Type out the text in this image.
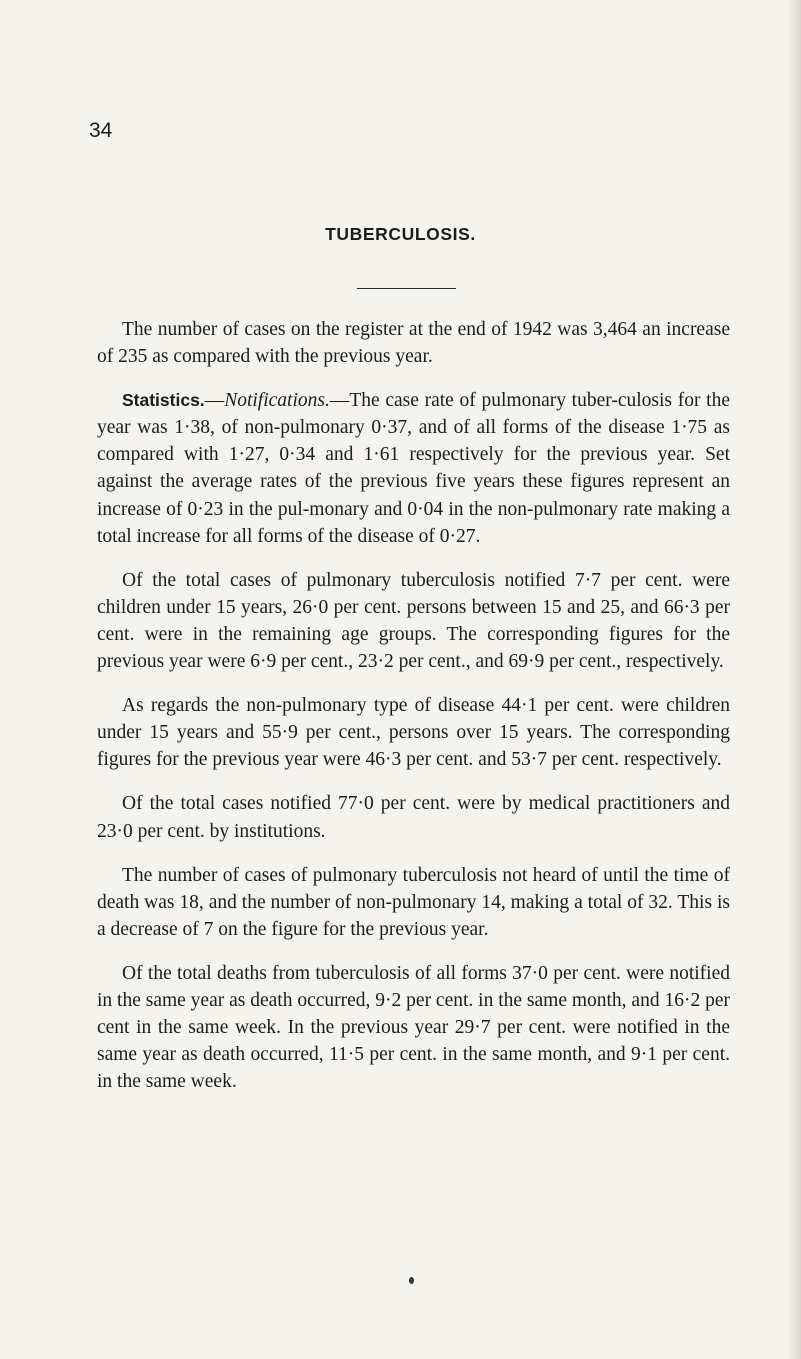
34
TUBERCULOSIS.

The number of cases on the register at the end of 1942 was 3,464 an increase of 235 as compared with the previous year.

Statistics.—Notifications.—The case rate of pulmonary tuber-culosis for the year was 1·38, of non-pulmonary 0·37, and of all forms of the disease 1·75 as compared with 1·27, 0·34 and 1·61 respectively for the previous year. Set against the average rates of the previous five years these figures represent an increase of 0·23 in the pul-monary and 0·04 in the non-pulmonary rate making a total increase for all forms of the disease of 0·27.

Of the total cases of pulmonary tuberculosis notified 7·7 per cent. were children under 15 years, 26·0 per cent. persons between 15 and 25, and 66·3 per cent. were in the remaining age groups. The corresponding figures for the previous year were 6·9 per cent., 23·2 per cent., and 69·9 per cent., respectively.

As regards the non-pulmonary type of disease 44·1 per cent. were children under 15 years and 55·9 per cent., persons over 15 years. The corresponding figures for the previous year were 46·3 per cent. and 53·7 per cent. respectively.

Of the total cases notified 77·0 per cent. were by medical practitioners and 23·0 per cent. by institutions.

The number of cases of pulmonary tuberculosis not heard of until the time of death was 18, and the number of non-pulmonary 14, making a total of 32. This is a decrease of 7 on the figure for the previous year.

Of the total deaths from tuberculosis of all forms 37·0 per cent. were notified in the same year as death occurred, 9·2 per cent. in the same month, and 16·2 per cent in the same week. In the previous year 29·7 per cent. were notified in the same year as death occurred, 11·5 per cent. in the same month, and 9·1 per cent. in the same week.
